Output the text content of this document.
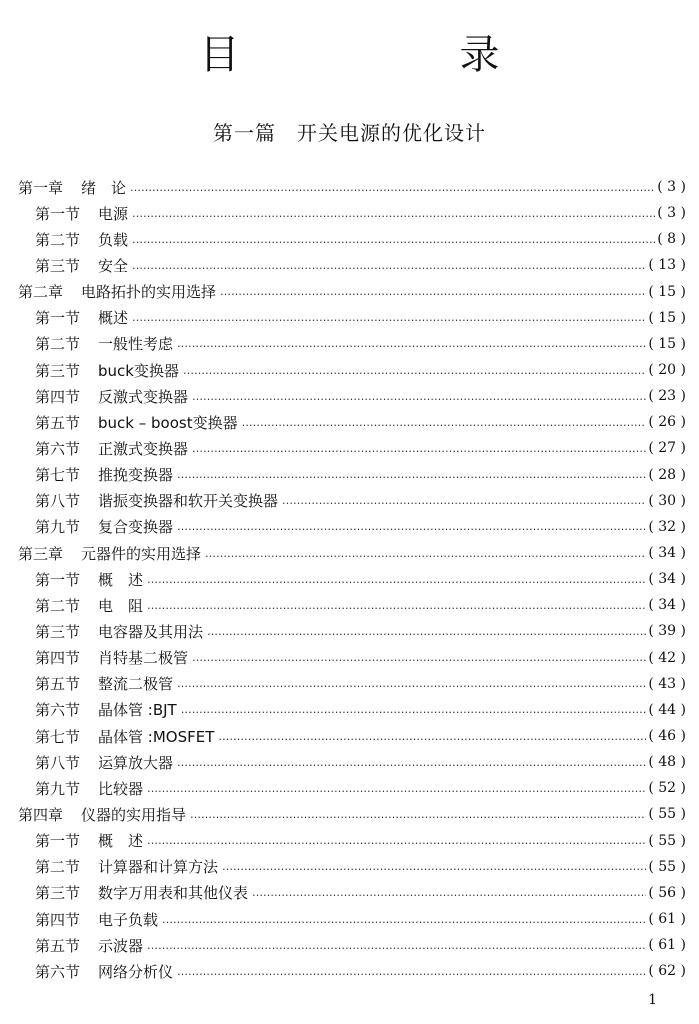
目　录
第一篇　开关电源的优化设计
第一章 绪　论 …………………………………………………………………………………………………………………………………………………………………………………………	( 3 )
第一节 电源 …………………………………………………………………………………………………………………………………………………………………………………………	( 3 )
第二节 负载 …………………………………………………………………………………………………………………………………………………………………………………………	( 8 )
第三节 安全 …………………………………………………………………………………………………………………………………………………………………………………………	( 13 )
第二章 电路拓扑的实用选择 …………………………………………………………………………………………………………………………………………………………………………………………	( 15 )
第一节 概述 …………………………………………………………………………………………………………………………………………………………………………………………	( 15 )
第二节 一般性考虑 …………………………………………………………………………………………………………………………………………………………………………………………	( 15 )
第三节 buck变换器 …………………………………………………………………………………………………………………………………………………………………………………………	( 20 )
第四节 反激式变换器 …………………………………………………………………………………………………………………………………………………………………………………………	( 23 )
第五节 buck – boost变换器 …………………………………………………………………………………………………………………………………………………………………………………………	( 26 )
第六节 正激式变换器 …………………………………………………………………………………………………………………………………………………………………………………………	( 27 )
第七节 推挽变换器 …………………………………………………………………………………………………………………………………………………………………………………………	( 28 )
第八节 谐振变换器和软开关变换器 …………………………………………………………………………………………………………………………………………………………………………………………	( 30 )
第九节 复合变换器 …………………………………………………………………………………………………………………………………………………………………………………………	( 32 )
第三章 元器件的实用选择 …………………………………………………………………………………………………………………………………………………………………………………………	( 34 )
第一节 概　述 …………………………………………………………………………………………………………………………………………………………………………………………	( 34 )
第二节 电　阻 …………………………………………………………………………………………………………………………………………………………………………………………	( 34 )
第三节 电容器及其用法 …………………………………………………………………………………………………………………………………………………………………………………………	( 39 )
第四节 肖特基二极管 …………………………………………………………………………………………………………………………………………………………………………………………	( 42 )
第五节 整流二极管 …………………………………………………………………………………………………………………………………………………………………………………………	( 43 )
第六节 晶体管 :BJT …………………………………………………………………………………………………………………………………………………………………………………………	( 44 )
第七节 晶体管 :MOSFET …………………………………………………………………………………………………………………………………………………………………………………………	( 46 )
第八节 运算放大器 …………………………………………………………………………………………………………………………………………………………………………………………	( 48 )
第九节 比较器 …………………………………………………………………………………………………………………………………………………………………………………………	( 52 )
第四章 仪器的实用指导 …………………………………………………………………………………………………………………………………………………………………………………………	( 55 )
第一节 概　述 …………………………………………………………………………………………………………………………………………………………………………………………	( 55 )
第二节 计算器和计算方法 …………………………………………………………………………………………………………………………………………………………………………………………	( 55 )
第三节 数字万用表和其他仪表 …………………………………………………………………………………………………………………………………………………………………………………………	( 56 )
第四节 电子负载 …………………………………………………………………………………………………………………………………………………………………………………………	( 61 )
第五节 示波器 …………………………………………………………………………………………………………………………………………………………………………………………	( 61 )
第六节 网络分析仪 …………………………………………………………………………………………………………………………………………………………………………………………	( 62 )
1
